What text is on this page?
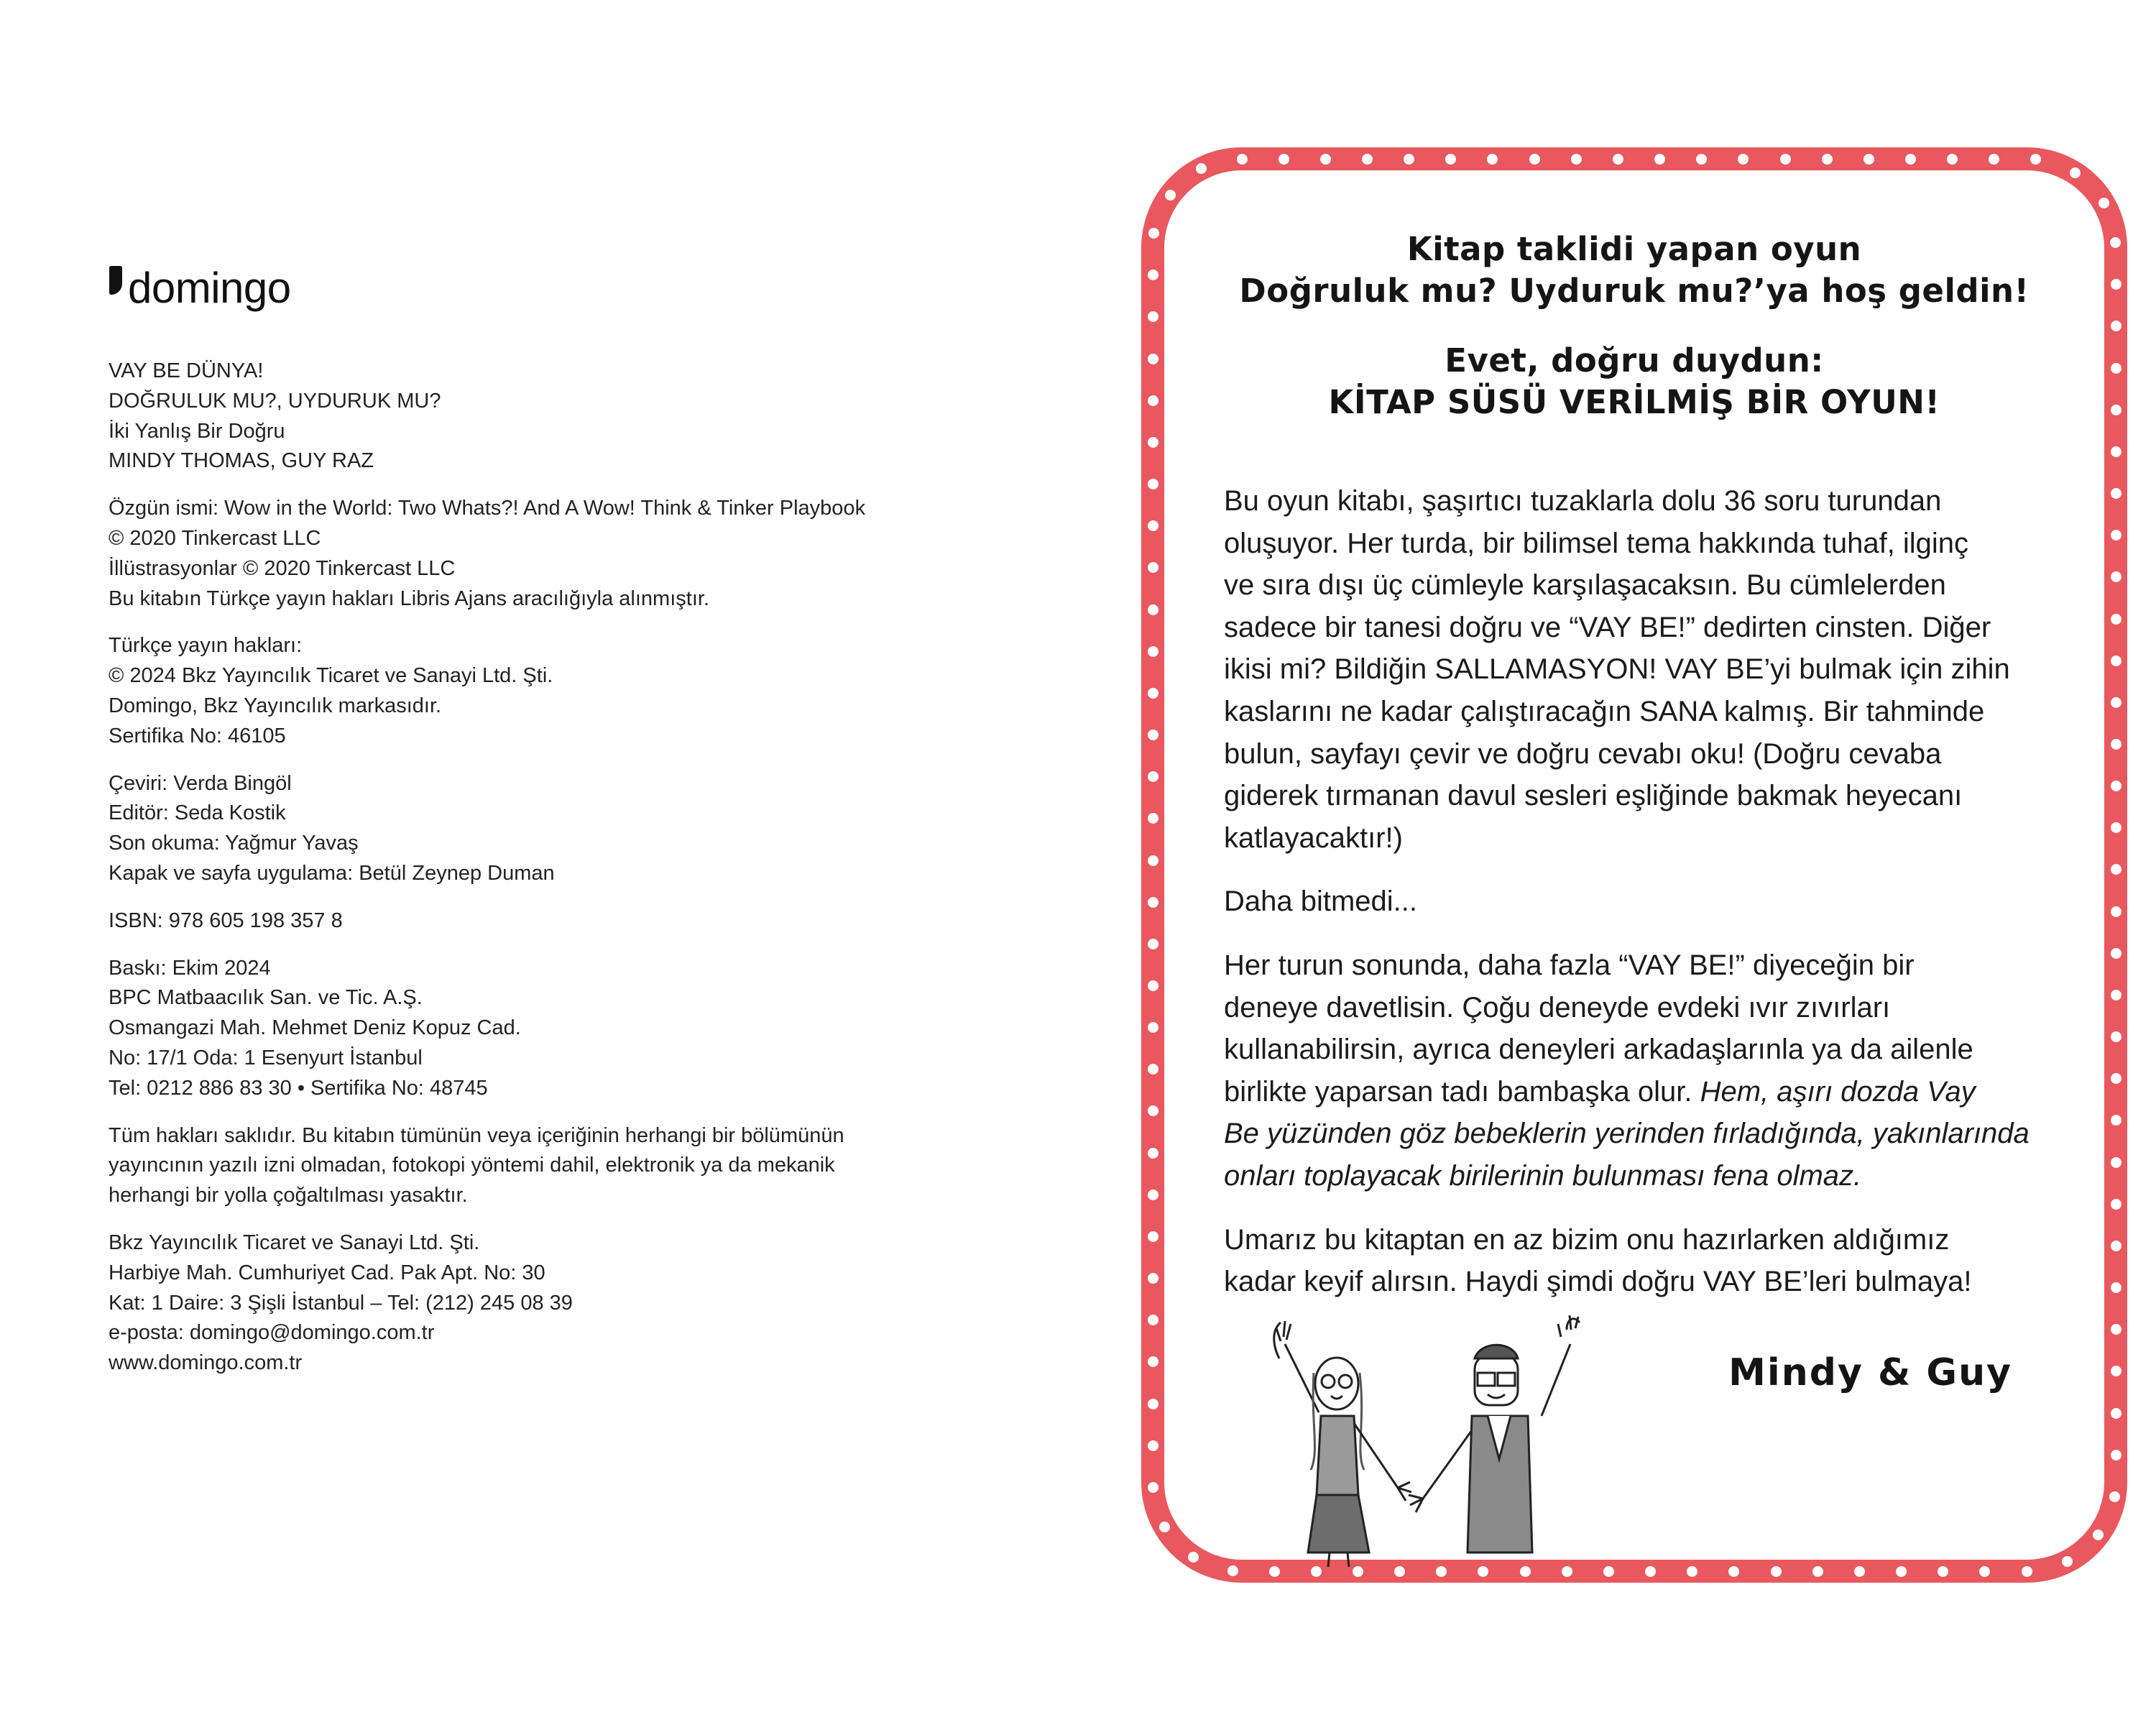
domingo
VAY BE DÜNYA!
DOĞRULUK MU?, UYDURUK MU?
İki Yanlış Bir Doğru
MINDY THOMAS, GUY RAZ
Özgün ismi: Wow in the World: Two Whats?! And A Wow! Think & Tinker Playbook
© 2020 Tinkercast LLC
İllüstrasyonlar © 2020 Tinkercast LLC
Bu kitabın Türkçe yayın hakları Libris Ajans aracılığıyla alınmıştır.
Türkçe yayın hakları:
© 2024 Bkz Yayıncılık Ticaret ve Sanayi Ltd. Şti.
Domingo, Bkz Yayıncılık markasıdır.
Sertifika No: 46105
Çeviri: Verda Bingöl
Editör: Seda Kostik
Son okuma: Yağmur Yavaş
Kapak ve sayfa uygulama: Betül Zeynep Duman
ISBN: 978 605 198 357 8
Baskı: Ekim 2024
BPC Matbaacılık San. ve Tic. A.Ş.
Osmangazi Mah. Mehmet Deniz Kopuz Cad.
No: 17/1 Oda: 1 Esenyurt İstanbul
Tel: 0212 886 83 30 • Sertifika No: 48745
Tüm hakları saklıdır. Bu kitabın tümünün veya içeriğinin herhangi bir bölümünün
yayıncının yazılı izni olmadan, fotokopi yöntemi dahil, elektronik ya da mekanik
herhangi bir yolla çoğaltılması yasaktır.
Bkz Yayıncılık Ticaret ve Sanayi Ltd. Şti.
Harbiye Mah. Cumhuriyet Cad. Pak Apt. No: 30
Kat: 1 Daire: 3 Şişli İstanbul – Tel: (212) 245 08 39
e-posta: domingo@domingo.com.tr
www.domingo.com.tr
Kitap taklidi yapan oyun
Doğruluk mu? Uyduruk mu?’ya hoş geldin!
Evet, doğru duydun:
KİTAP SÜSÜ VERİLMİŞ BİR OYUN!
Bu oyun kitabı, şaşırtıcı tuzaklarla dolu 36 soru turundan
oluşuyor. Her turda, bir bilimsel tema hakkında tuhaf, ilginç
ve sıra dışı üç cümleyle karşılaşacaksın. Bu cümlelerden
sadece bir tanesi doğru ve “VAY BE!” dedirten cinsten. Diğer
ikisi mi? Bildiğin SALLAMASYON! VAY BE’yi bulmak için zihin
kaslarını ne kadar çalıştıracağın SANA kalmış. Bir tahminde
bulun, sayfayı çevir ve doğru cevabı oku! (Doğru cevaba
giderek tırmanan davul sesleri eşliğinde bakmak heyecanı
katlayacaktır!)
Daha bitmedi...
Her turun sonunda, daha fazla “VAY BE!” diyeceğin bir
deneye davetlisin. Çoğu deneyde evdeki ıvır zıvırları
kullanabilirsin, ayrıca deneyleri arkadaşlarınla ya da ailenle
birlikte yaparsan tadı bambaşka olur. Hem, aşırı dozda Vay
Be yüzünden göz bebeklerin yerinden fırladığında, yakınlarında
onları toplayacak birilerinin bulunması fena olmaz.
Umarız bu kitaptan en az bizim onu hazırlarken aldığımız
kadar keyif alırsın. Haydi şimdi doğru VAY BE’leri bulmaya!
Mindy & Guy
